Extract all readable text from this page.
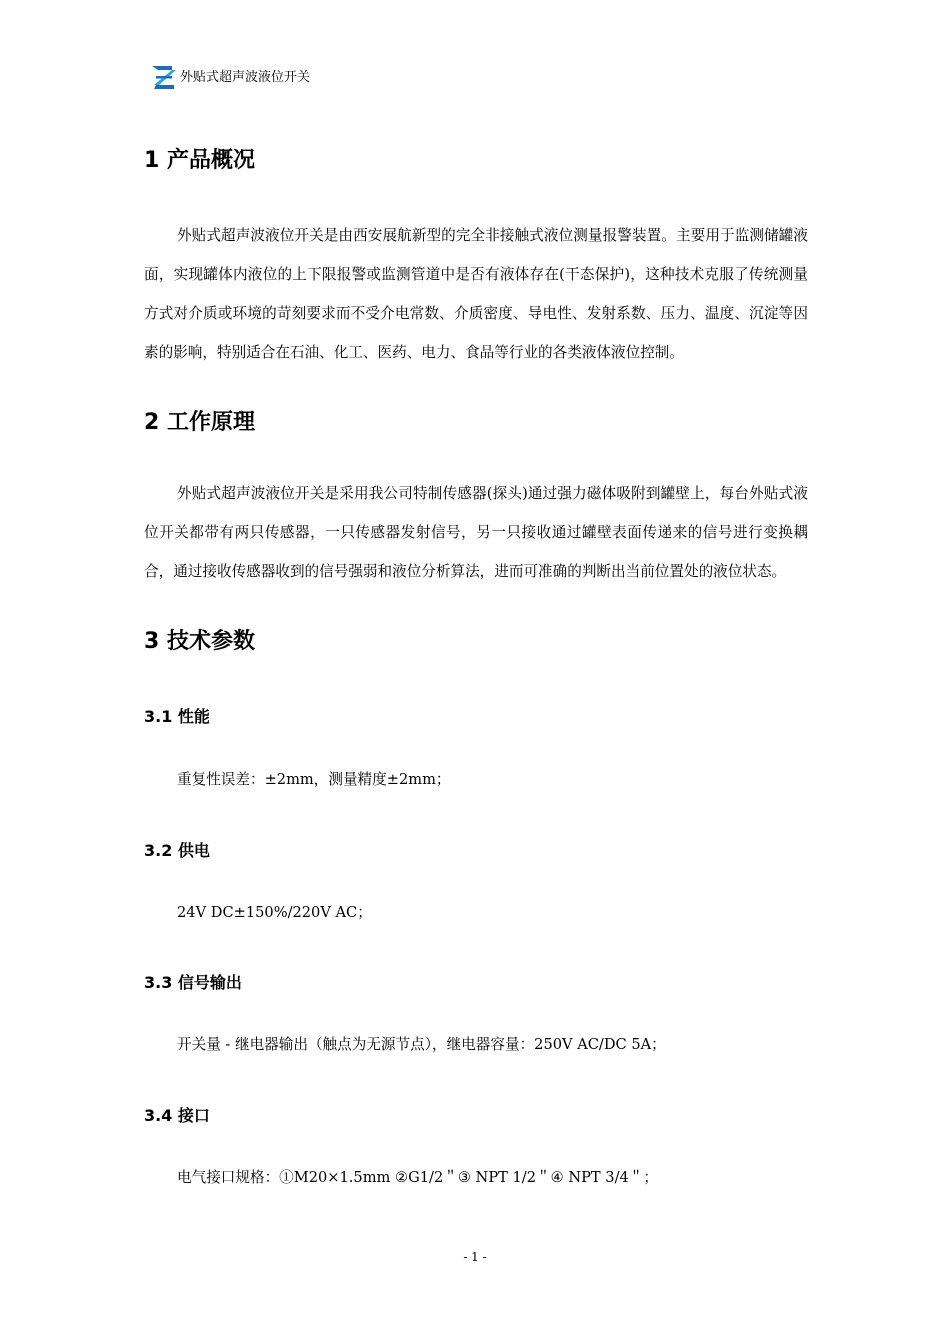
外贴式超声波液位开关
1 产品概况

外贴式超声波液位开关是由西安展航新型的完全非接触式液位测量报警装置。主要用于监测储罐液面，实现罐体内液位的上下限报警或监测管道中是否有液体存在(干态保护)，这种技术克服了传统测量方式对介质或环境的苛刻要求而不受介电常数、介质密度、导电性、发射系数、压力、温度、沉淀等因素的影响，特别适合在石油、化工、医药、电力、食品等行业的各类液体液位控制。

2 工作原理

外贴式超声波液位开关是采用我公司特制传感器(探头)通过强力磁体吸附到罐壁上，每台外贴式液位开关都带有两只传感器，一只传感器发射信号，另一只接收通过罐壁表面传递来的信号进行变换耦合，通过接收传感器收到的信号强弱和液位分析算法，进而可准确的判断出当前位置处的液位状态。

3 技术参数
3.1 性能

重复性误差：±2mm，测量精度±2mm；

3.2 供电

24V DC±150%/220V AC；

3.3 信号输出

开关量 - 继电器输出（触点为无源节点），继电器容量：250V AC/DC 5A；

3.4 接口

电气接口规格：①M20×1.5mm ②G1/2＂③ NPT 1/2＂④ NPT 3/4＂；

- 1 -
